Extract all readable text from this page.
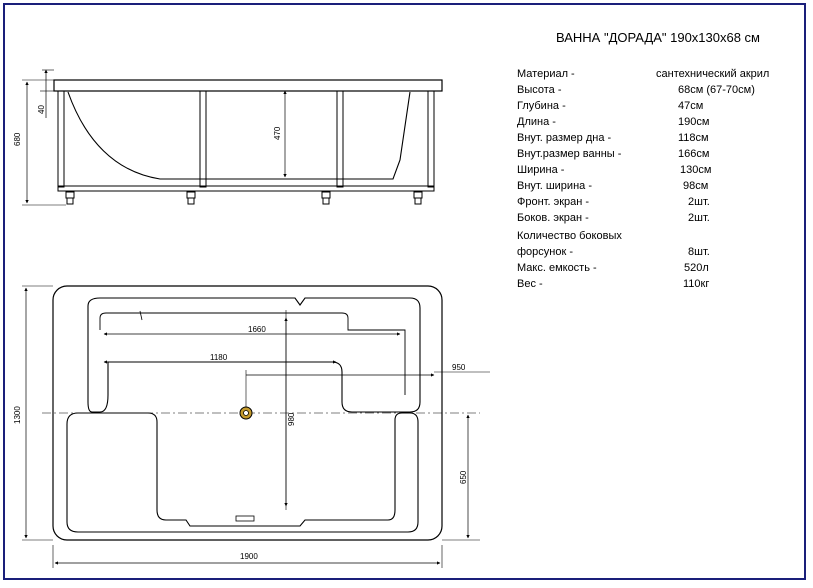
680
40
470
1660
1180
950
980
1300
650
1900
ВАННА "ДОРАДА" 190х130х68 см
Материал -	сантехнический акрил
Высота -	68см (67-70см)
Глубина -	47см
Длина -	190см
Внут. размер дна -	118см
Внут.размер ванны -	166см
Ширина -	130см
Внут. ширина -	98см
Фронт. экран -	2шт.
Боков. экран -	2шт.
Количество боковых
форсунок -	8шт.
Макс. емкость -	520л
Вес -	110кг
